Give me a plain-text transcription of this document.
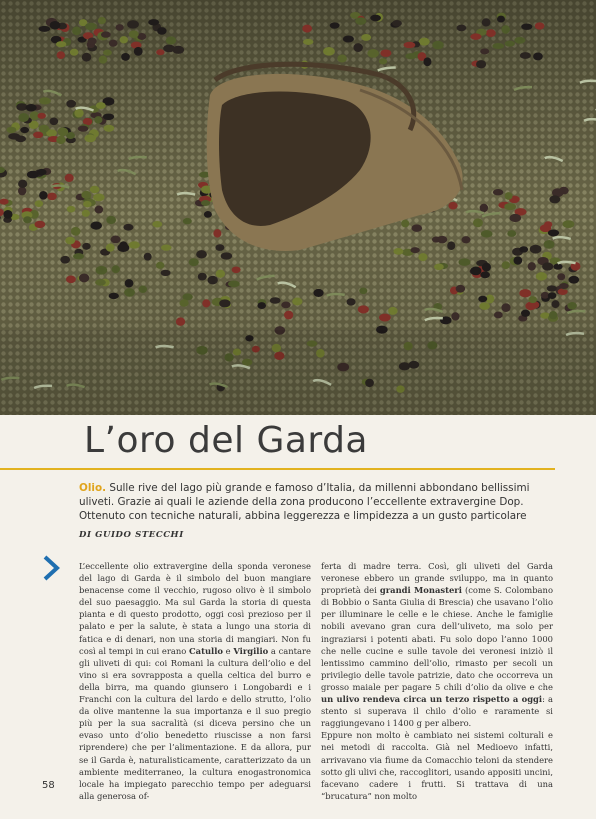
L’oro del Garda

Olio. Sulle rive del lago più grande e famoso d’Italia, da millenni abbondano bellissimi uliveti. Grazie ai quali le aziende della zona producono l’eccellente extravergine Dop. Ottenuto con tecniche naturali, abbina leggerezza e limpidezza a un gusto particolare

DI GUIDO STECCHI

L’eccellente olio extravergine della sponda veronese del lago di Garda è il simbolo del buon mangiare benacense come il vecchio, rugoso olivo è il simbolo del suo paesaggio. Ma sul Garda la storia di questa pianta e di questo prodotto, oggi così prezioso per il palato e per la salute, è stata a lungo una storia di fatica e di denari, non una storia di mangiari. Non fu così al tempi in cui erano Catullo e Virgilio a cantare gli uliveti di qui: coi Romani la cultura dell’olio e del vino si era sovrapposta a quella celtica del burro e della birra, ma quando giunsero i Longobardi e i Franchi con la cultura del lardo e dello strutto, l’olio da olive mantenne la sua importanza e il suo pregio più per la sua sacralità (si diceva persino che un evaso unto d’olio benedetto riuscisse a non farsi riprendere) che per l’alimentazione. E da allora, pur se il Garda è, naturalisticamente, caratterizzato da un ambiente mediterraneo, la cultura enogastronomica locale ha impiegato parecchio tempo per adeguarsi alla generosa of-

ferta di madre terra. Così, gli uliveti del Garda veronese ebbero un grande sviluppo, ma in quanto proprietà dei grandi Monasteri (come S. Colombano di Bobbio o Santa Giulia di Brescia) che usavano l’olio per illuminare le celle e le chiese. Anche le famiglie nobili avevano gran cura dell’uliveto, ma solo per ingraziarsi i potenti abati. Fu solo dopo l’anno 1000 che nelle cucine e sulle tavole dei veronesi iniziò il lentissimo cammino dell’olio, rimasto per secoli un privilegio delle tavole patrizie, dato che occorreva un grosso maiale per pagare 5 chili d’olio da olive e che un ulivo rendeva circa un terzo rispetto a oggi: a stento si superava il chilo d’olio e raramente si raggiungevano i 1400 g per albero.

Eppure non molto è cambiato nei sistemi colturali e nei metodi di raccolta. Già nel Medioevo infatti, arrivavano via fiume da Comacchio teloni da stendere sotto gli ulivi che, raccoglitori, usando appositi uncini, facevano cadere i frutti. Si trattava di una “brucatura” non molto

58
